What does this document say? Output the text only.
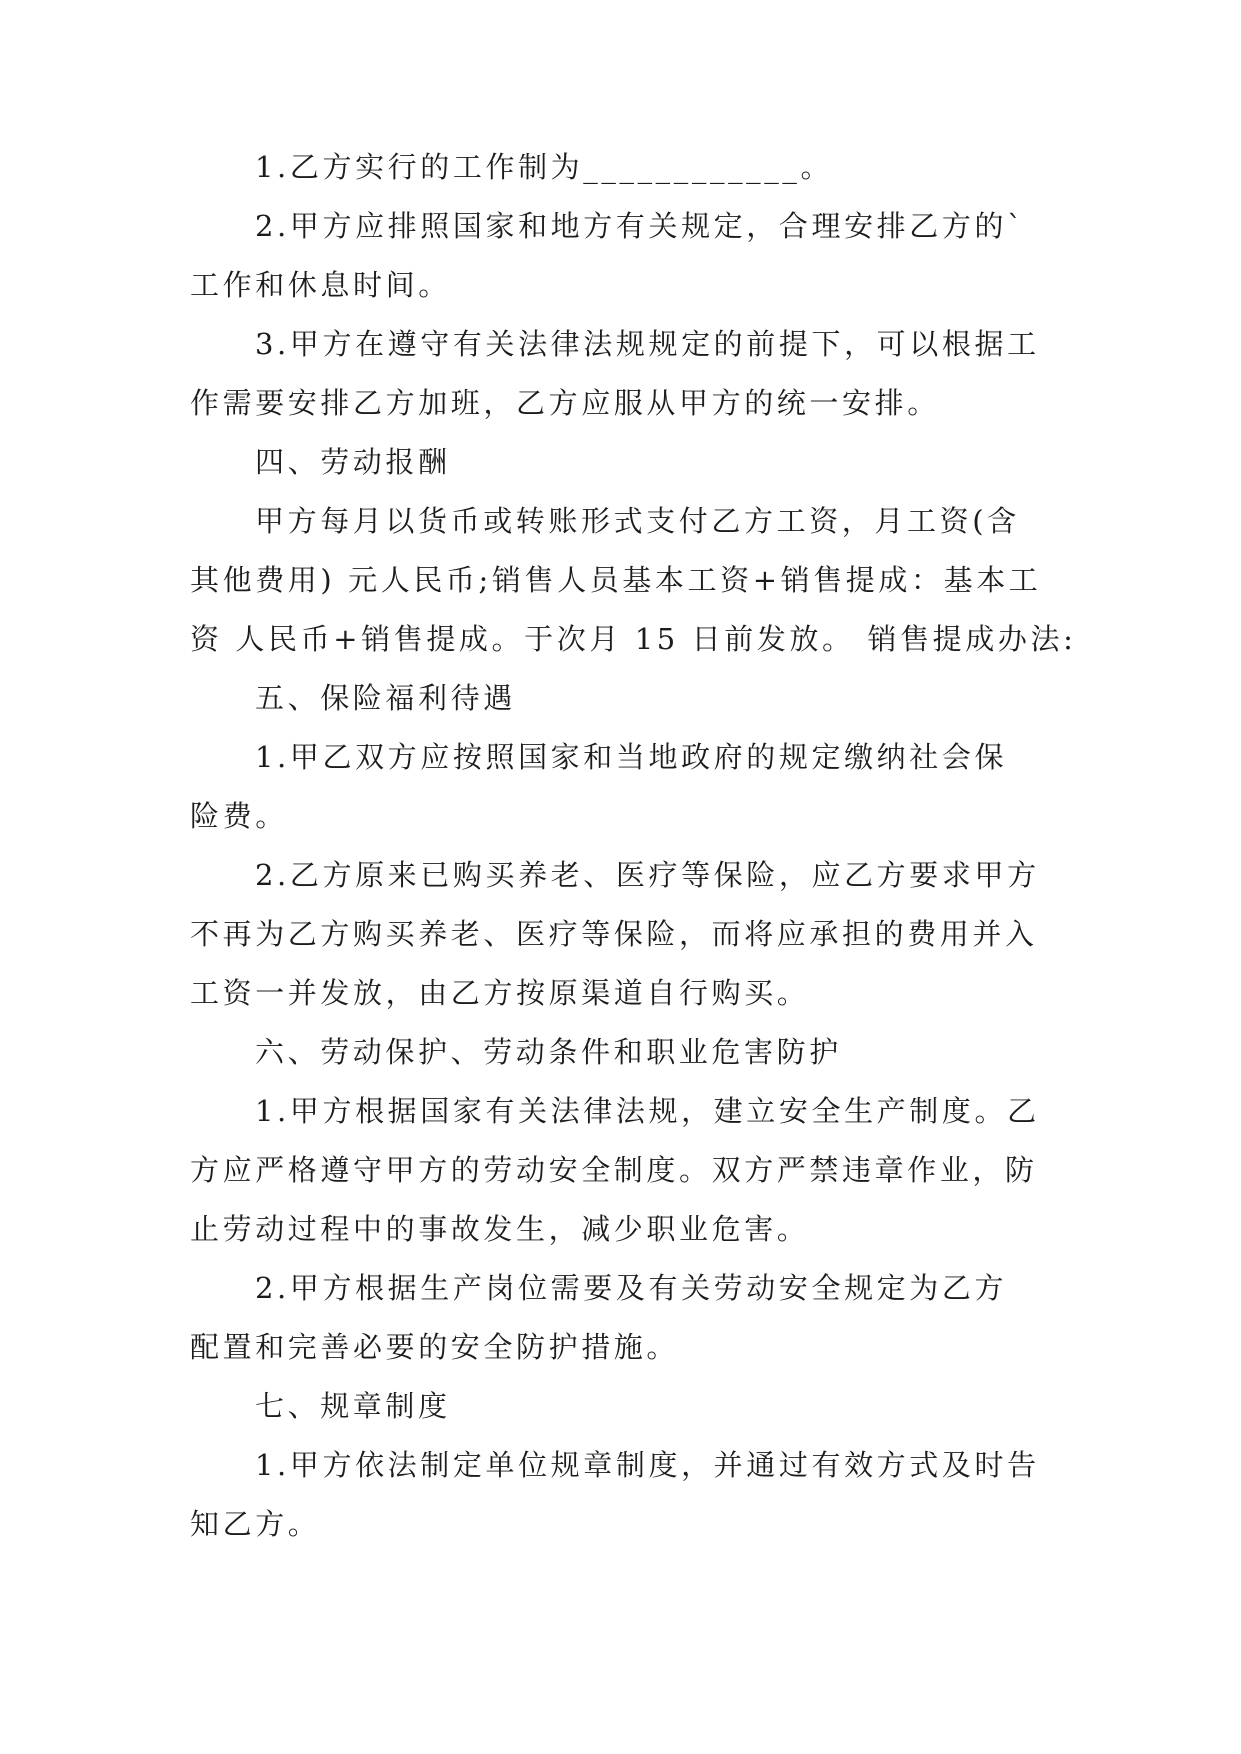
1.乙方实行的工作制为____________。
2.甲方应排照国家和地方有关规定，合理安排乙方的`
工作和休息时间。
3.甲方在遵守有关法律法规规定的前提下，可以根据工
作需要安排乙方加班，乙方应服从甲方的统一安排。
四、劳动报酬
甲方每月以货币或转账形式支付乙方工资，月工资(含
其他费用) 元人民币;销售人员基本工资+销售提成：基本工
资 人民币+销售提成。于次月 15 日前发放。 销售提成办法:
五、保险福利待遇
1.甲乙双方应按照国家和当地政府的规定缴纳社会保
险费。
2.乙方原来已购买养老、医疗等保险，应乙方要求甲方
不再为乙方购买养老、医疗等保险，而将应承担的费用并入
工资一并发放，由乙方按原渠道自行购买。
六、劳动保护、劳动条件和职业危害防护
1.甲方根据国家有关法律法规，建立安全生产制度。乙
方应严格遵守甲方的劳动安全制度。双方严禁违章作业，防
止劳动过程中的事故发生，减少职业危害。
2.甲方根据生产岗位需要及有关劳动安全规定为乙方
配置和完善必要的安全防护措施。
七、规章制度
1.甲方依法制定单位规章制度，并通过有效方式及时告
知乙方。
